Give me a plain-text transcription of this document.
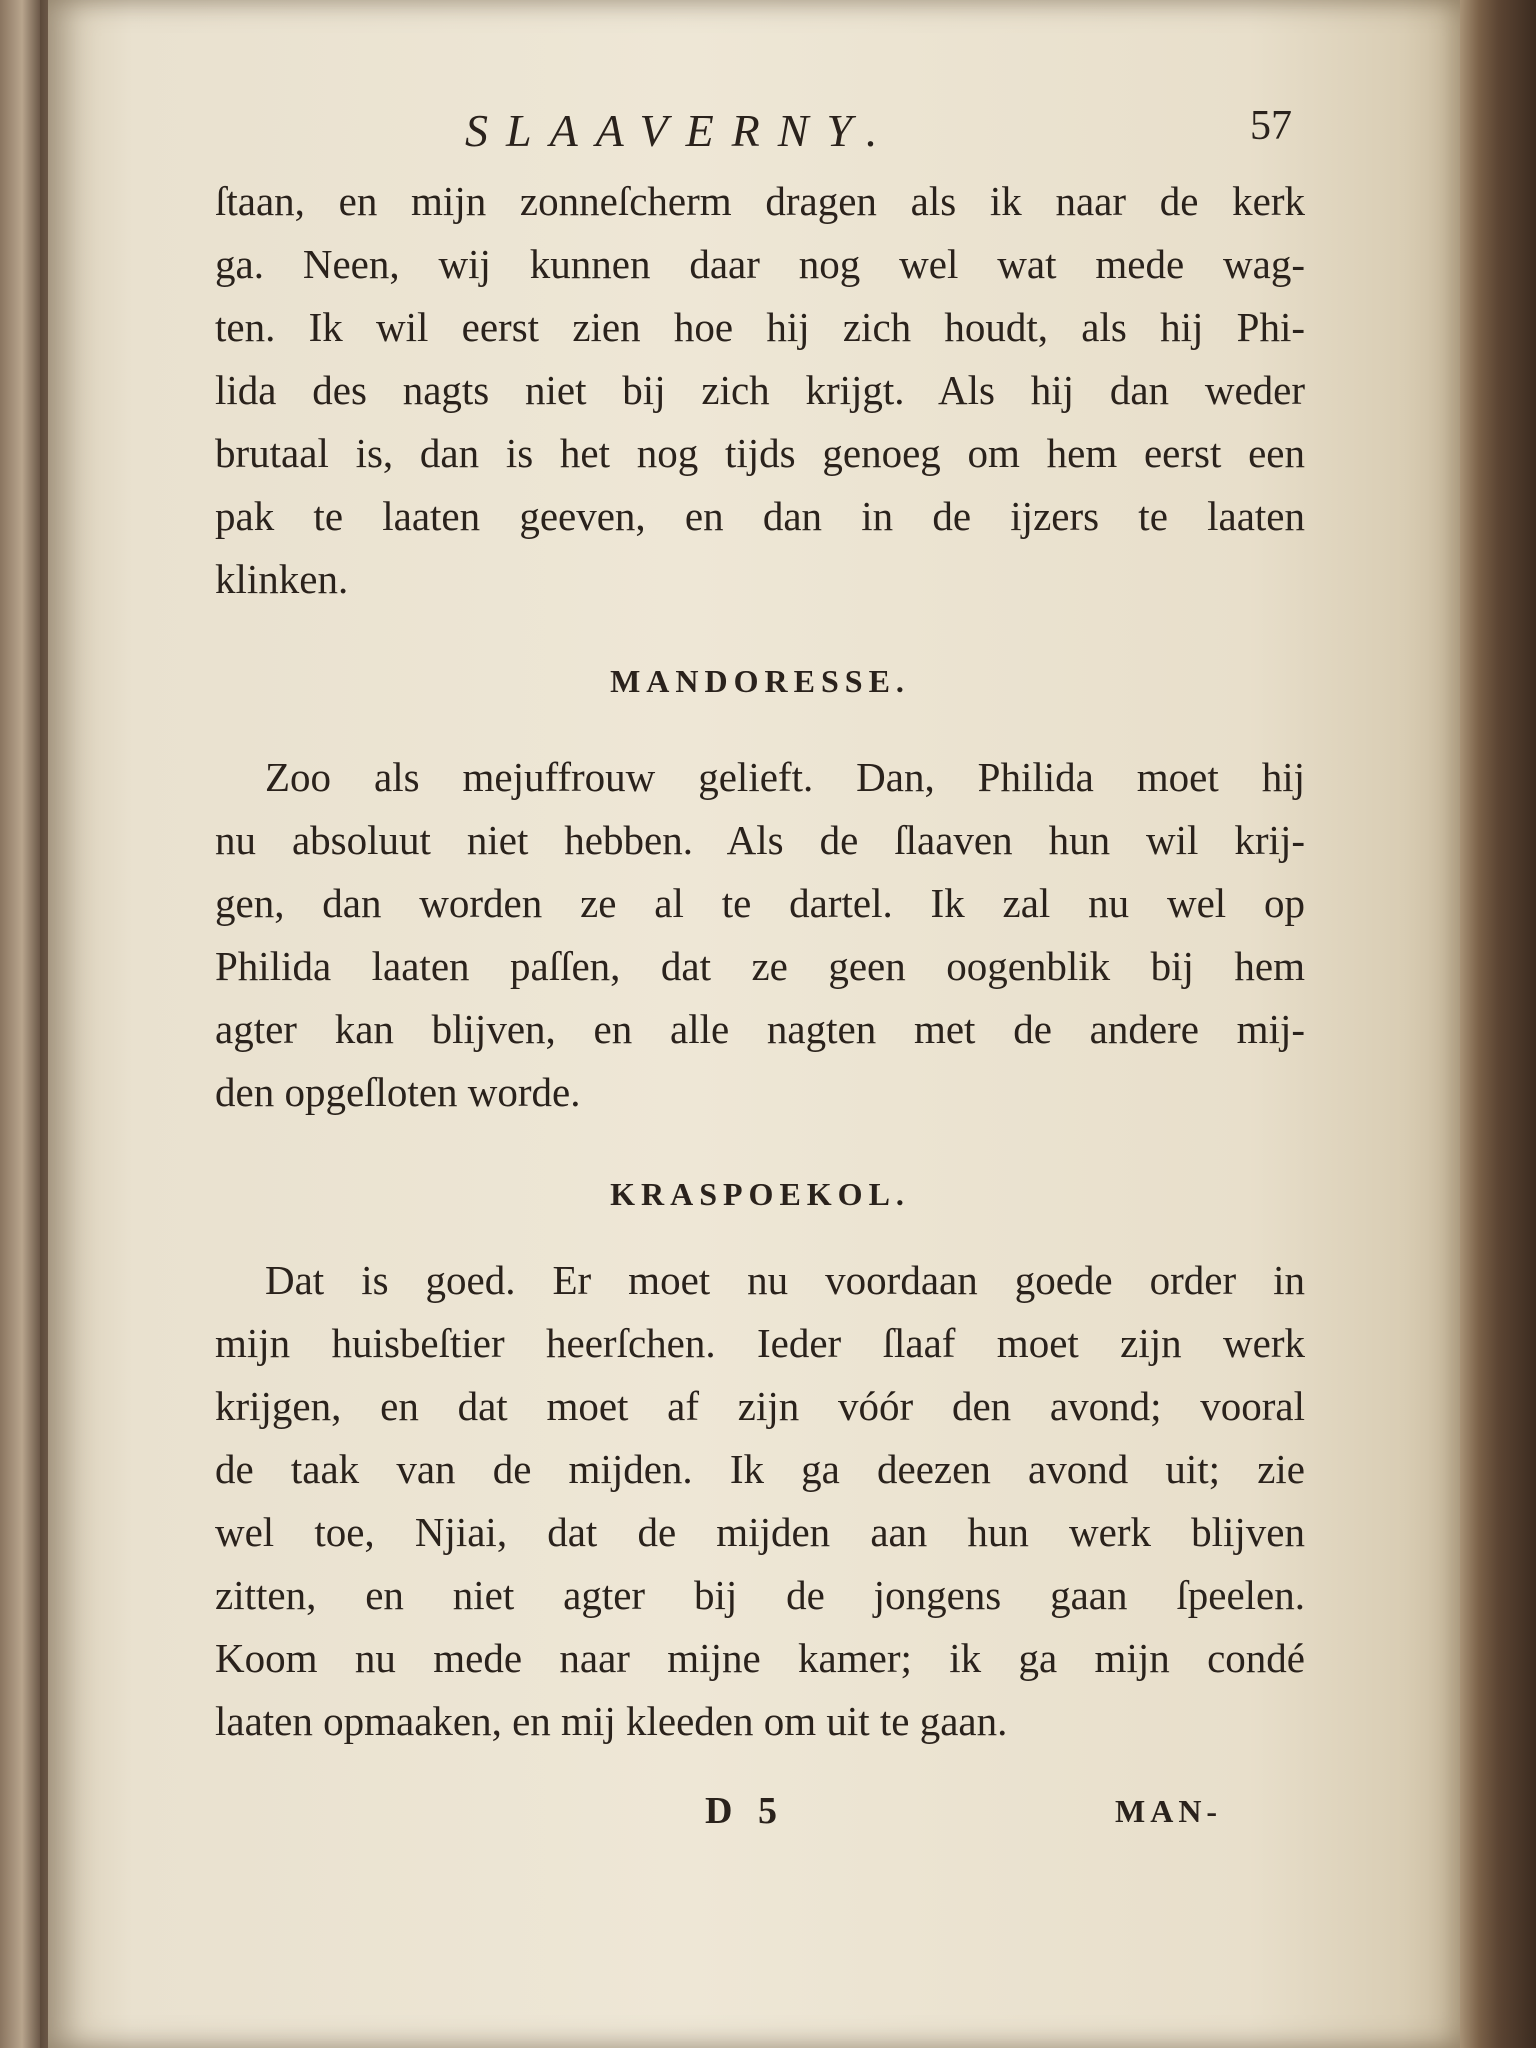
SLAAVERNY.	57

ſtaan, en mijn zonneſcherm dragen als ik naar de kerk
ga. Neen, wij kunnen daar nog wel wat mede wag-
ten. Ik wil eerst zien hoe hij zich houdt, als hij Phi-
lida des nagts niet bij zich krijgt. Als hij dan weder
brutaal is, dan is het nog tijds genoeg om hem eerst een
pak te laaten geeven, en dan in de ijzers te laaten
klinken.

MANDORESSE.

Zoo als mejuffrouw gelieft. Dan, Philida moet hij
nu absoluut niet hebben. Als de ſlaaven hun wil krij-
gen, dan worden ze al te dartel. Ik zal nu wel op
Philida laaten paſſen, dat ze geen oogenblik bij hem
agter kan blijven, en alle nagten met de andere mij-
den opgeſloten worde.

KRASPOEKOL.

Dat is goed. Er moet nu voordaan goede order in
mijn huisbeſtier heerſchen. Ieder ſlaaf moet zijn werk
krijgen, en dat moet af zijn vóór den avond; vooral
de taak van de mijden. Ik ga deezen avond uit; zie
wel toe, Njiai, dat de mijden aan hun werk blijven
zitten, en niet agter bij de jongens gaan ſpeelen.
Koom nu mede naar mijne kamer; ik ga mijn condé
laaten opmaaken, en mij kleeden om uit te gaan.

D 5	MAN-
